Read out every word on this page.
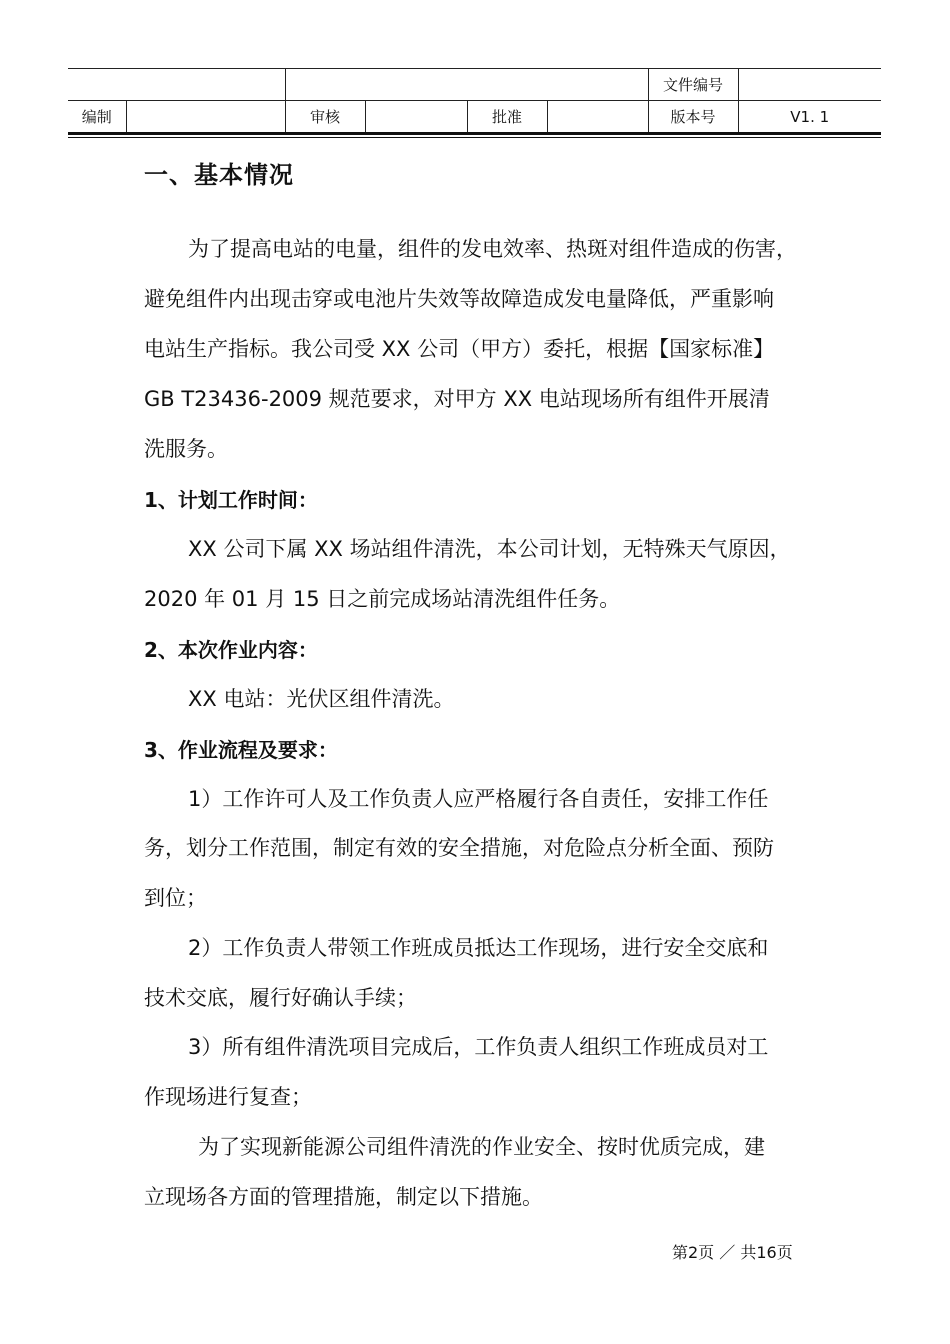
						文件编号	
编制		审核		批准		版本号	V1. 1
一、基本情况
为了提高电站的电量，组件的发电效率、热斑对组件造成的伤害，
避免组件内出现击穿或电池片失效等故障造成发电量降低，严重影响
电站生产指标。我公司受 XX 公司（甲方）委托，根据【国家标准】
GB T23436-2009 规范要求，对甲方 XX 电站现场所有组件开展清
洗服务。
1、计划工作时间：
XX 公司下属 XX 场站组件清洗，本公司计划，无特殊天气原因，
2020 年 01 月 15 日之前完成场站清洗组件任务。
2、本次作业内容：
XX 电站：光伏区组件清洗。
3、作业流程及要求：
1）工作许可人及工作负责人应严格履行各自责任，安排工作任
务，划分工作范围，制定有效的安全措施，对危险点分析全面、预防
到位；
2）工作负责人带领工作班成员抵达工作现场，进行安全交底和
技术交底，履行好确认手续；
3）所有组件清洗项目完成后，工作负责人组织工作班成员对工
作现场进行复查；
为了实现新能源公司组件清洗的作业安全、按时优质完成，建
立现场各方面的管理措施，制定以下措施。
第2页 ／ 共16页
